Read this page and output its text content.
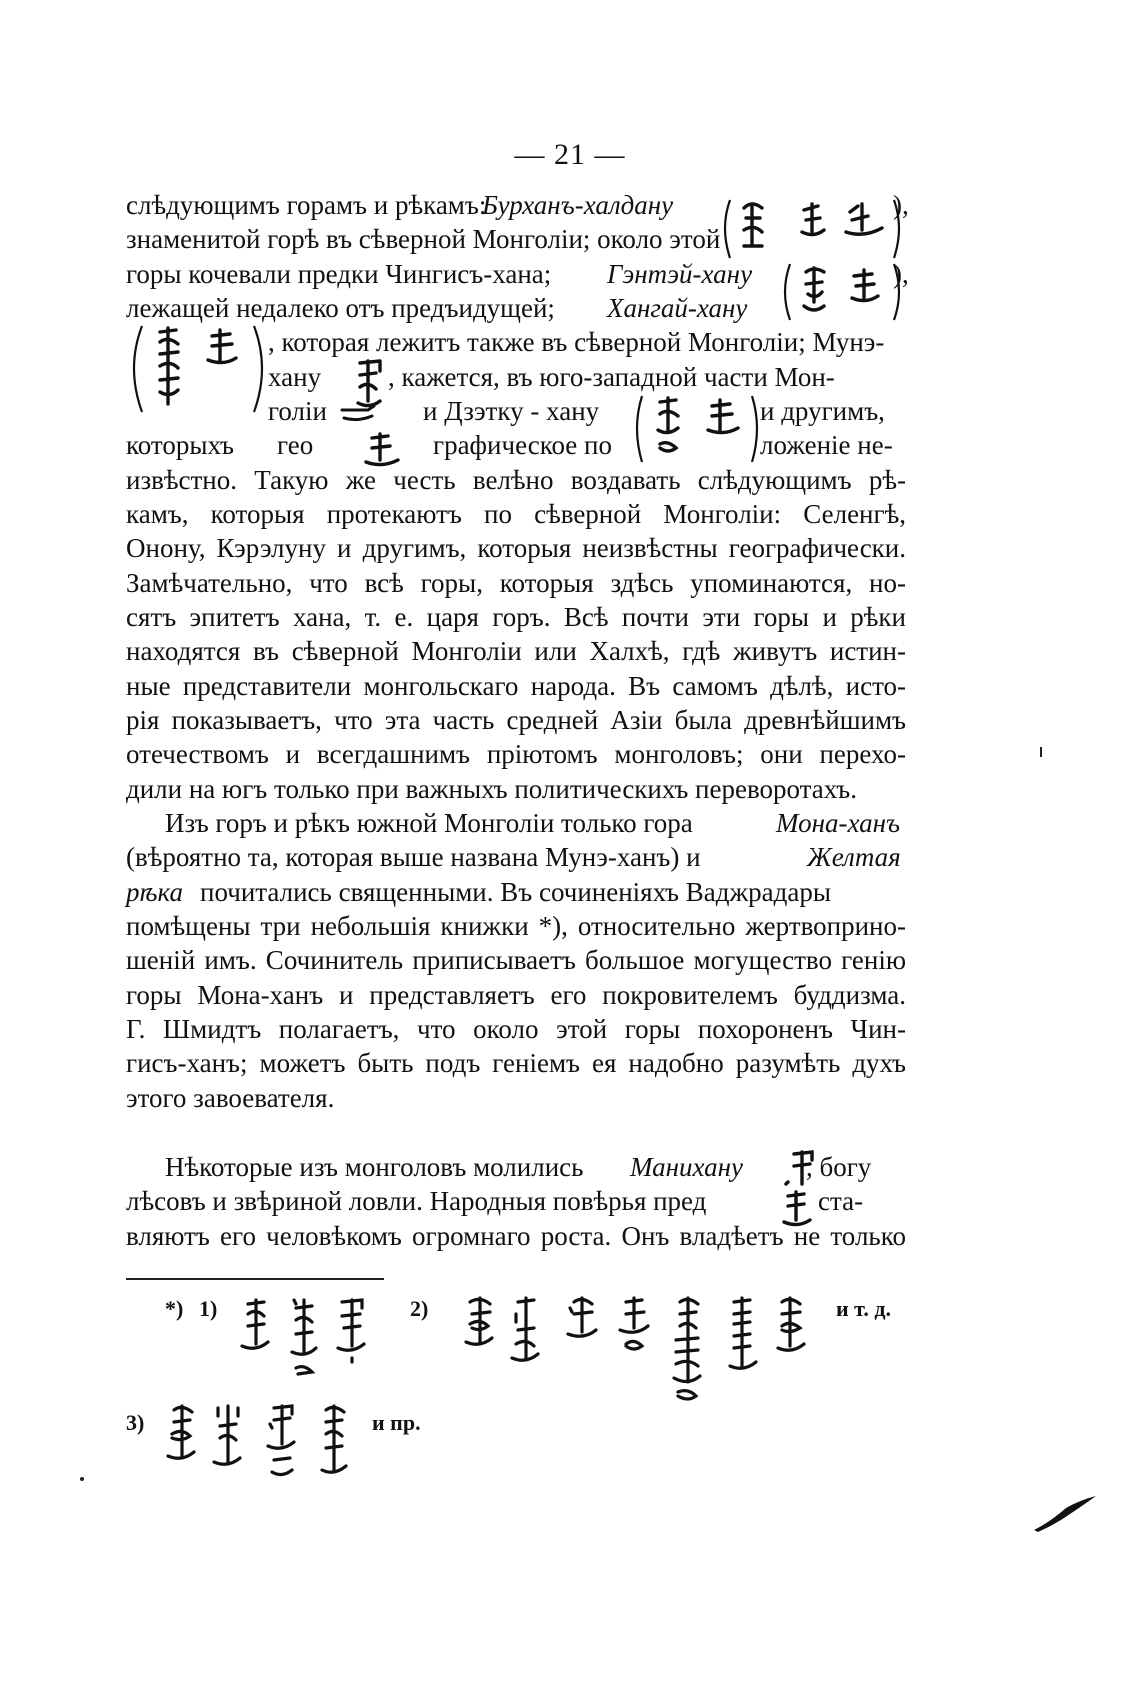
— 21 —
слѣдующимъ горамъ и рѣкамъ:
Бурханъ-халдану	),
знаменитой горѣ въ сѣверной Монголіи; около этой
горы кочевали предки Чингисъ-хана; Гэнтэй-хану	),
лежащей недалеко отъ предъидущей; Хангай-хану
, которая лежитъ также въ сѣверной Монголіи; Мунэ-
хану , кажется, въ юго-западной части Мон-
голіи	и Дзэтку - хану	и другимъ,
которыхъ гео	графическое по	ложеніе не-
извѣстно. Такую же честь велѣно воздавать слѣдующимъ рѣ-
камъ, которыя протекаютъ по сѣверной Монголіи: Селенгѣ,
Онону, Кэрэлуну и другимъ, которыя неизвѣстны географически.
Замѣчательно, что всѣ горы, которыя здѣсь упоминаются, но-
сятъ эпитетъ хана, т. е. царя горъ. Всѣ почти эти горы и рѣки
находятся въ сѣверной Монголіи или Халхѣ, гдѣ живутъ истин-
ные представители монгольскаго народа. Въ самомъ дѣлѣ, исто-
рія показываетъ, что эта часть средней Азіи была древнѣйшимъ
отечествомъ и всегдашнимъ пріютомъ монголовъ; они перехо-
дили на югъ только при важныхъ политическихъ переворотахъ.
Изъ горъ и рѣкъ южной Монголіи только гора	Мона-ханъ
(вѣроятно та, которая выше названа Мунэ-ханъ) и	Желтая
рѣка почитались священными. Въ сочиненіяхъ Ваджрадары
помѣщены три небольшія книжки *), относительно жертвоприно-
шеній имъ. Сочинитель приписываетъ большое могущество генію
горы Мона-ханъ и представляетъ его покровителемъ буддизма.
Г. Шмидтъ полагаетъ, что около этой горы похороненъ Чин-
гисъ-ханъ; можетъ быть подъ геніемъ ея надобно разумѣть духъ
этого завоевателя.
Нѣкоторые изъ монголовъ молились Манихану , богу
лѣсовъ и звѣриной ловли. Народныя повѣрья пред	ста-
вляютъ его человѣкомъ огромнаго роста. Онъ владѣетъ не только
*) 1)	2)	и т. д.
3)	и пр.
